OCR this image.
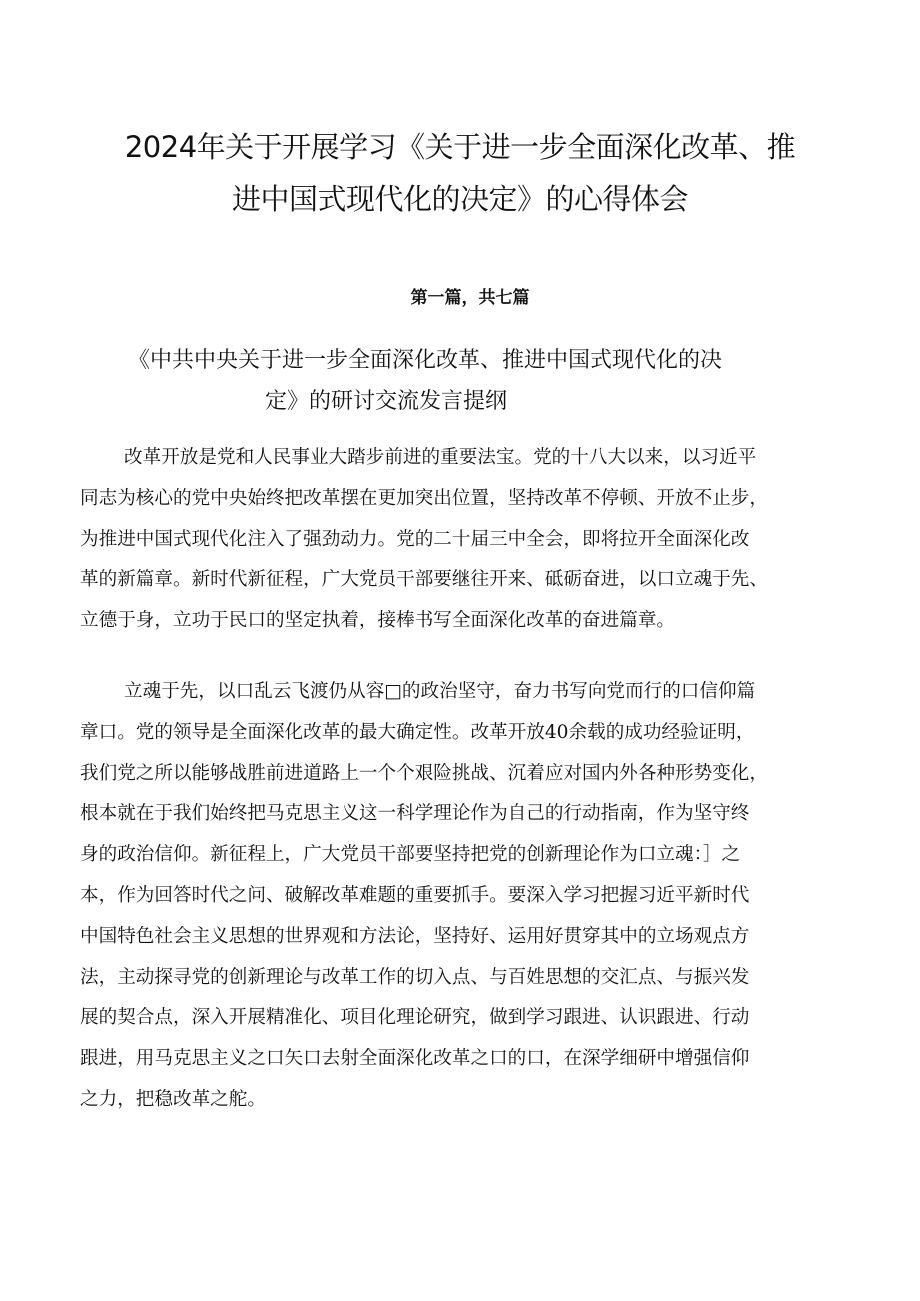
2024年关于开展学习《关于进一步全面深化改革、推
进中国式现代化的决定》的心得体会
第一篇，共七篇
《中共中央关于进一步全面深化改革、推进中国式现代化的决
定》的研讨交流发言提纲
改革开放是党和人民事业大踏步前进的重要法宝。党的十八大以来，以习近平
同志为核心的党中央始终把改革摆在更加突出位置，坚持改革不停顿、开放不止步，
为推进中国式现代化注入了强劲动力。党的二十届三中全会，即将拉开全面深化改
革的新篇章。新时代新征程，广大党员干部要继往开来、砥砺奋进，以口立魂于先、
立德于身，立功于民口的坚定执着，接棒书写全面深化改革的奋进篇章。
立魂于先，以口乱云飞渡仍从容□的政治坚守，奋力书写向党而行的口信仰篇
章口。党的领导是全面深化改革的最大确定性。改革开放40余载的成功经验证明，
我们党之所以能够战胜前进道路上一个个艰险挑战、沉着应对国内外各种形势变化，
根本就在于我们始终把马克思主义这一科学理论作为自己的行动指南，作为坚守终
身的政治信仰。新征程上，广大党员干部要坚持把党的创新理论作为口立魂：］之
本，作为回答时代之问、破解改革难题的重要抓手。要深入学习把握习近平新时代
中国特色社会主义思想的世界观和方法论，坚持好、运用好贯穿其中的立场观点方
法，主动探寻党的创新理论与改革工作的切入点、与百姓思想的交汇点、与振兴发
展的契合点，深入开展精准化、项目化理论研究，做到学习跟进、认识跟进、行动
跟进，用马克思主义之口矢口去射全面深化改革之口的口，在深学细研中增强信仰
之力，把稳改革之舵。
